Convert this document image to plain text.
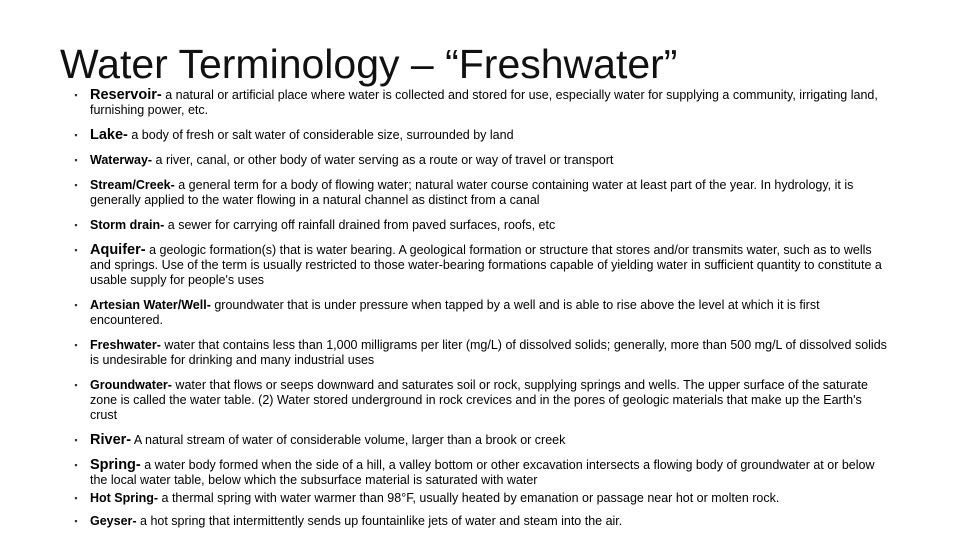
Water Terminology – “Freshwater”
▪ Reservoir- a natural or artificial place where water is collected and stored for use, especially water for supplying a community, irrigating land, furnishing power, etc.
▪ Lake- a body of fresh or salt water of considerable size, surrounded by land
▪ Waterway- a river, canal, or other body of water serving as a route or way of travel or transport
▪ Stream/Creek- a general term for a body of flowing water; natural water course containing water at least part of the year. In hydrology, it is generally applied to the water flowing in a natural channel as distinct from a canal
▪ Storm drain- a sewer for carrying off rainfall drained from paved surfaces, roofs, etc
▪ Aquifer- a geologic formation(s) that is water bearing. A geological formation or structure that stores and/or transmits water, such as to wells and springs. Use of the term is usually restricted to those water-bearing formations capable of yielding water in sufficient quantity to constitute a usable supply for people's uses
▪ Artesian Water/Well- groundwater that is under pressure when tapped by a well and is able to rise above the level at which it is first encountered.
▪ Freshwater- water that contains less than 1,000 milligrams per liter (mg/L) of dissolved solids; generally, more than 500 mg/L of dissolved solids is undesirable for drinking and many industrial uses
▪ Groundwater- water that flows or seeps downward and saturates soil or rock, supplying springs and wells. The upper surface of the saturate zone is called the water table. (2) Water stored underground in rock crevices and in the pores of geologic materials that make up the Earth's crust
▪ River- A natural stream of water of considerable volume, larger than a brook or creek
▪ Spring- a water body formed when the side of a hill, a valley bottom or other excavation intersects a flowing body of groundwater at or below the local water table, below which the subsurface material is saturated with water
▪ Hot Spring- a thermal spring with water warmer than 98°F, usually heated by emanation or passage near hot or molten rock.
▪ Geyser- a hot spring that intermittently sends up fountainlike jets of water and steam into the air.
